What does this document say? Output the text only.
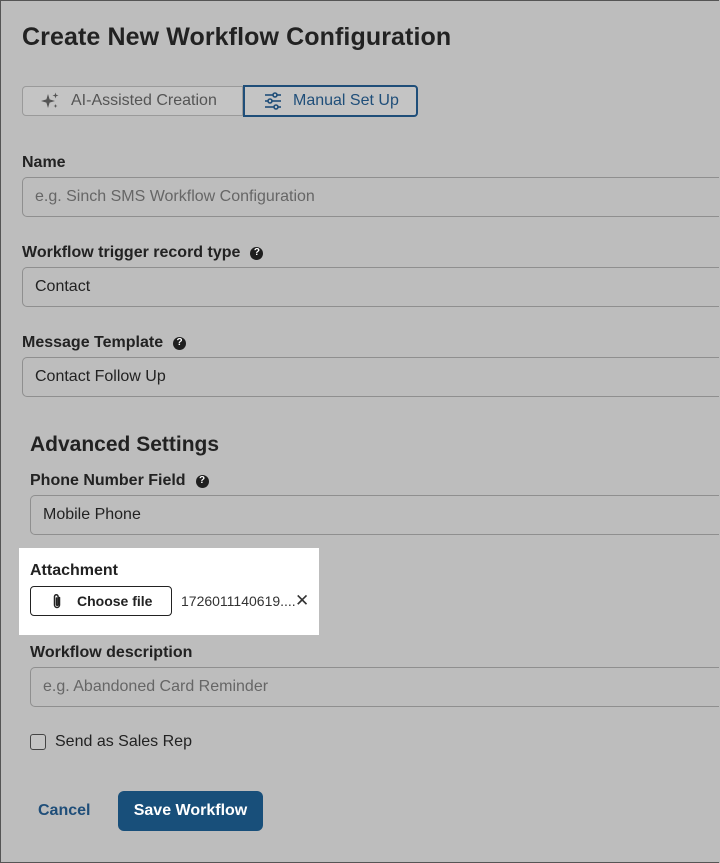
Create New Workflow Configuration
AI-Assisted Creation	Manual Set Up
Name
e.g. Sinch SMS Workflow Configuration
Workflow trigger record type	?
Contact
Message Template	?
Contact Follow Up
Advanced Settings
Phone Number Field	?
Mobile Phone
Attachment
Choose file 1726011140619.... ✕
Workflow description
e.g. Abandoned Card Reminder
Send as Sales Rep
Cancel	Save Workflow
